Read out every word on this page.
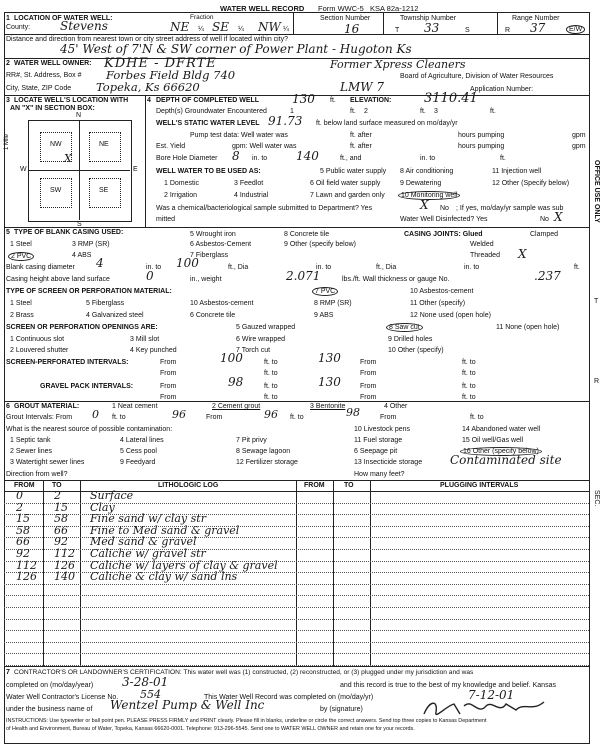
WATER WELL RECORD Form WWC-5 KSA 82a-1212
1 LOCATION OF WATER WELL:
County: Stevens
Fraction
NE ¼ SE ¼ NW ¼
Section Number
16
Township Number
T 33	S
Range Number
R 37	E/W
Distance and direction from nearest town or city street address of well if located within city?
45' West of 7'N & SW corner of Power Plant - Hugoton Ks
2 WATER WELL OWNER: KDHE - DFRTE	Former Xpress Cleaners
RR#, St. Address, Box # Forbes Field Bldg 740	Board of Agriculture, Division of Water Resources
City, State, ZIP Code Topeka, Ks 66620	LMW 7	Application Number:
3 LOCATE WELL'S LOCATION WITH
AN "X" IN SECTION BOX:
N
S
W	E
NW	NE
SW	SE
X
1 Mile
4 DEPTH OF COMPLETED WELL	130 ft. ELEVATION:	3110.41
Depth(s) Groundwater Encountered	1	ft. 2	ft. 3	ft.
WELL'S STATIC WATER LEVEL 91.73 ft. below land surface measured on mo/day/yr
Pump test data: Well water was	ft. after	hours pumping	gpm
Est. Yield	gpm: Well water was	ft. after	hours pumping	gpm
Bore Hole Diameter 8 in. to 140	ft., and	in. to	ft.
WELL WATER TO BE USED AS:	5 Public water supply 8 Air conditioning	11 Injection well
1 Domestic	3 Feedlot	6 Oil field water supply	9 Dewatering	12 Other (Specify below)
2 Irrigation	4 Industrial	7 Lawn and garden only	10 Monitoring well
Was a chemical/bacteriological sample submitted to Department? Yes	X No ; If yes, mo/day/yr sample was sub
mitted	Water Well Disinfected? Yes	No X
5 TYPE OF BLANK CASING USED:
1 Steel	3 RMP (SR)
5 Wrought iron	8 Concrete tile
2 PVC	4 ABS
6 Asbestos-Cement	9 Other (specify below)
7 Fiberglass
CASING JOINTS: Glued	Clamped
Welded
Threaded X
Blank casing diameter 4	in. to 100	ft., Dia	in. to	ft., Dia	in. to	ft.
Casing height above land surface	0	in., weight	2.071	lbs./ft. Wall thickness or gauge No.	.237
TYPE OF SCREEN OR PERFORATION MATERIAL:	7 PVC	10 Asbestos-cement
1 Steel	5 Fiberglass	10 Asbestos-cement	8 RMP (SR)	11 Other (specify)
2 Brass	4 Galvanized steel	6 Concrete tile	9 ABS	12 None used (open hole)
SCREEN OR PERFORATION OPENINGS ARE:	5 Gauzed wrapped	8 Saw cut	11 None (open hole)
1 Continuous slot	3 Mill slot	6 Wire wrapped	9 Drilled holes
2 Louvered shutter	4 Key punched	7 Torch cut	10 Other (specify)
SCREEN-PERFORATED INTERVALS:	From	100	ft. to	130	From	ft. to
From	ft. to	From	ft. to
GRAVEL PACK INTERVALS:	From	98	ft. to	130	From	ft. to
From	ft. to	From	ft. to
6 GROUT MATERIAL:	1 Neat cement	2 Cement grout	3 Bentonite	4 Other
Grout Intervals: From 0 ft. to	96	From	96 ft. to	98	From	ft. to
What is the nearest source of possible contamination:	10 Livestock pens	14 Abandoned water well
1 Septic tank	4 Lateral lines	7 Pit privy	11 Fuel storage	15 Oil well/Gas well
2 Sewer lines	5 Cess pool	8 Sewage lagoon	6 Seepage pit	16 Other (specify below)
3 Watertight sewer lines	9 Feedyard	12 Fertilizer storage	13 Insecticide storage Contaminated site
Direction from well?	How many feet?
FROM TO	LITHOLOGIC LOG	FROM	TO	PLUGGING INTERVALS
0	2	Surface
2	15 Clay
15 58 Fine sand w/ clay str
58 66 Fine to Med sand & gravel
66 92 Med sand & gravel
92 112 Caliche w/ gravel str
112 126 Caliche w/ layers of clay & gravel
126 140 Caliche & clay w/ sand lns
7 CONTRACTOR'S OR LANDOWNER'S CERTIFICATION: This water well was (1) constructed, (2) reconstructed, or (3) plugged under my jurisdiction and was
completed on (mo/day/year) 3-28-01	and this record is true to the best of my knowledge and belief. Kansas
Water Well Contractor's License No. 554	This Water Well Record was completed on (mo/day/yr)	7-12-01
under the business name of Wentzel Pump & Well Inc	by (signature)
INSTRUCTIONS: Use typewriter or ball point pen. PLEASE PRESS FIRMLY and PRINT clearly. Please fill in blanks, underline or circle the correct answers. Send top three copies to Kansas Department
of Health and Environment, Bureau of Water, Topeka, Kansas 66620-0001. Telephone: 913-296-5545. Send one to WATER WELL OWNER and retain one for your records.
OFFICE USE ONLY
T
R
SEC.
